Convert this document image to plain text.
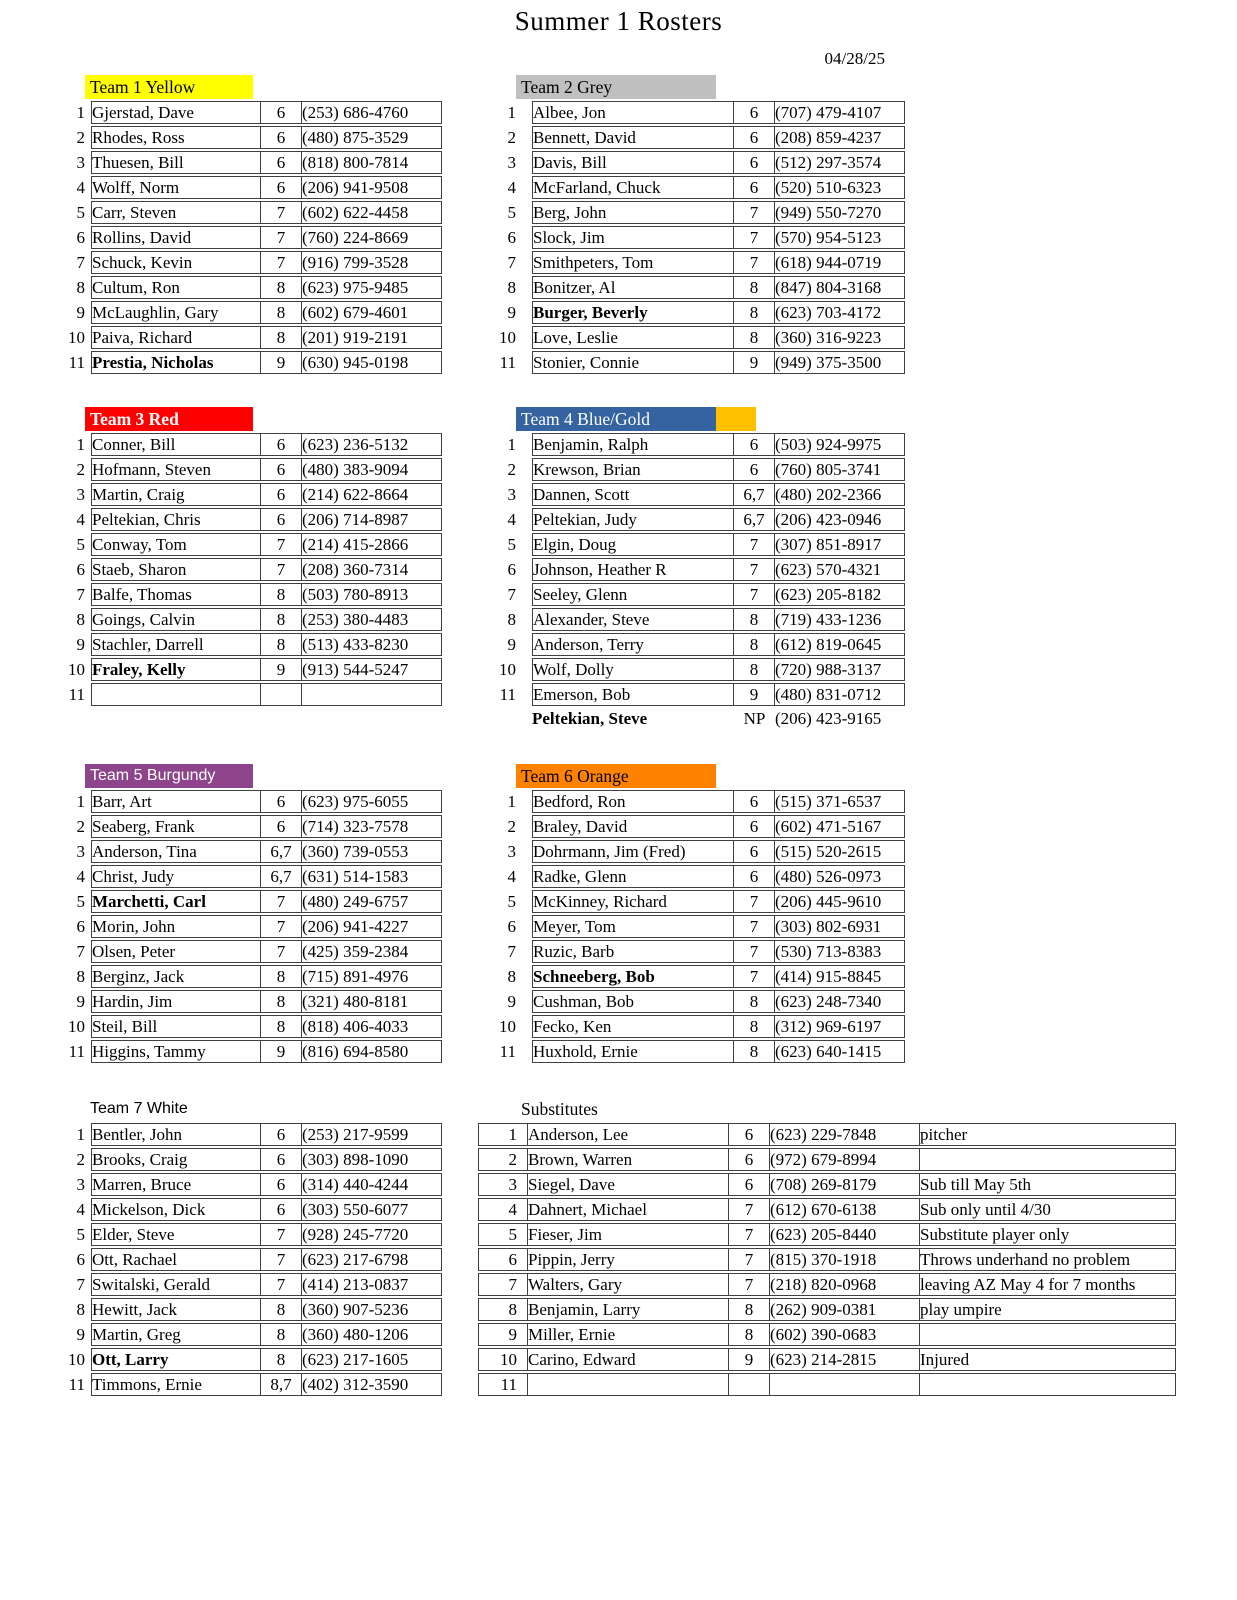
Summer 1 Rosters
04/28/25
Team 1 Yellow
1	Gjerstad, Dave	6	(253) 686-4760
2	Rhodes, Ross	6	(480) 875-3529
3	Thuesen, Bill	6	(818) 800-7814
4	Wolff, Norm	6	(206) 941-9508
5	Carr, Steven	7	(602) 622-4458
6	Rollins, David	7	(760) 224-8669
7	Schuck, Kevin	7	(916) 799-3528
8	Cultum, Ron	8	(623) 975-9485
9	McLaughlin, Gary	8	(602) 679-4601
10	Paiva, Richard	8	(201) 919-2191
11	Prestia, Nicholas	9	(630) 945-0198
Team 2 Grey
1	Albee, Jon	6	(707) 479-4107
2	Bennett, David	6	(208) 859-4237
3	Davis, Bill	6	(512) 297-3574
4	McFarland, Chuck	6	(520) 510-6323
5	Berg, John	7	(949) 550-7270
6	Slock, Jim	7	(570) 954-5123
7	Smithpeters, Tom	7	(618) 944-0719
8	Bonitzer, Al	8	(847) 804-3168
9	Burger, Beverly	8	(623) 703-4172
10	Love, Leslie	8	(360) 316-9223
11	Stonier, Connie	9	(949) 375-3500
Team 3 Red
1	Conner, Bill	6	(623) 236-5132
2	Hofmann, Steven	6	(480) 383-9094
3	Martin, Craig	6	(214) 622-8664
4	Peltekian, Chris	6	(206) 714-8987
5	Conway, Tom	7	(214) 415-2866
6	Staeb, Sharon	7	(208) 360-7314
7	Balfe, Thomas	8	(503) 780-8913
8	Goings, Calvin	8	(253) 380-4483
9	Stachler, Darrell	8	(513) 433-8230
10	Fraley, Kelly	9	(913) 544-5247
11			
Team 4 Blue/Gold
1	Benjamin, Ralph	6	(503) 924-9975
2	Krewson, Brian	6	(760) 805-3741
3	Dannen, Scott	6,7	(480) 202-2366
4	Peltekian, Judy	6,7	(206) 423-0946
5	Elgin, Doug	7	(307) 851-8917
6	Johnson, Heather R	7	(623) 570-4321
7	Seeley, Glenn	7	(623) 205-8182
8	Alexander, Steve	8	(719) 433-1236
9	Anderson, Terry	8	(612) 819-0645
10	Wolf, Dolly	8	(720) 988-3137
11	Emerson, Bob	9	(480) 831-0712
	Peltekian, Steve	NP	(206) 423-9165
Team 5 Burgundy
1	Barr, Art	6	(623) 975-6055
2	Seaberg, Frank	6	(714) 323-7578
3	Anderson, Tina	6,7	(360) 739-0553
4	Christ, Judy	6,7	(631) 514-1583
5	Marchetti, Carl	7	(480) 249-6757
6	Morin, John	7	(206) 941-4227
7	Olsen, Peter	7	(425) 359-2384
8	Berginz, Jack	8	(715) 891-4976
9	Hardin, Jim	8	(321) 480-8181
10	Steil, Bill	8	(818) 406-4033
11	Higgins, Tammy	9	(816) 694-8580
Team 6 Orange
1	Bedford, Ron	6	(515) 371-6537
2	Braley, David	6	(602) 471-5167
3	Dohrmann, Jim (Fred)	6	(515) 520-2615
4	Radke, Glenn	6	(480) 526-0973
5	McKinney, Richard	7	(206) 445-9610
6	Meyer, Tom	7	(303) 802-6931
7	Ruzic, Barb	7	(530) 713-8383
8	Schneeberg, Bob	7	(414) 915-8845
9	Cushman, Bob	8	(623) 248-7340
10	Fecko, Ken	8	(312) 969-6197
11	Huxhold, Ernie	8	(623) 640-1415
Team 7 White
1	Bentler, John	6	(253) 217-9599
2	Brooks, Craig	6	(303) 898-1090
3	Marren, Bruce	6	(314) 440-4244
4	Mickelson, Dick	6	(303) 550-6077
5	Elder, Steve	7	(928) 245-7720
6	Ott, Rachael	7	(623) 217-6798
7	Switalski, Gerald	7	(414) 213-0837
8	Hewitt, Jack	8	(360) 907-5236
9	Martin, Greg	8	(360) 480-1206
10	Ott, Larry	8	(623) 217-1605
11	Timmons, Ernie	8,7	(402) 312-3590
Substitutes
1	Anderson, Lee	6	(623) 229-7848	pitcher
2	Brown, Warren	6	(972) 679-8994	
3	Siegel, Dave	6	(708) 269-8179	Sub till May 5th
4	Dahnert, Michael	7	(612) 670-6138	Sub only until 4/30
5	Fieser, Jim	7	(623) 205-8440	Substitute player only
6	Pippin, Jerry	7	(815) 370-1918	Throws underhand no problem
7	Walters, Gary	7	(218) 820-0968	leaving AZ May 4 for 7 months
8	Benjamin, Larry	8	(262) 909-0381	play umpire
9	Miller, Ernie	8	(602) 390-0683	
10	Carino, Edward	9	(623) 214-2815	Injured
11				
